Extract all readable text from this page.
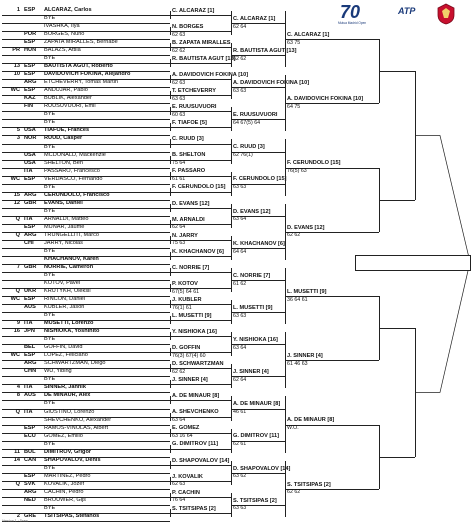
70
Mutua Madrid Open
ATP
1 ESP ALCARAZ, Carlos
BYE
IVASHKA, Ilya
POR BORGES, Nuno
ESP ZAPATA MIRALLES, Bernabe
PR HUN BALAZS, Attila
BYE
13 ESP BAUTISTA AGUT, Roberto
10 ESP DAVIDOVICH FOKINA, Alejandro
ARG ETCHEVERRY, Tomas Martin
WC ESP ANDUJAR, Pablo
KAZ BUBLIK, Alexander
FIN RUUSUVUORI, Emil
BYE
BYE
5 USA TIAFOE, Frances
3 NOR RUUD, Casper
BYE
USA MCDONALD, Mackenzie
USA SHELTON, Ben
ITA PASSARO, Francesco
WC ESP VERDASCO, Fernando
BYE
15 ARG CERUNDOLO, Francisco
12 GBR EVANS, Daniel
BYE
Q ITA ARNALDI, Matteo
ESP MUNAR, Jaume
Q ARG TRUNGELLITI, Marco
CHI JARRY, Nicolas
BYE
KHACHANOV, Karen
7 GBR NORRIE, Cameron
BYE
KOTOV, Pavel
Q UKR KRUTYKH, Oleksii
WC ESP RINCON, Daniel
AUS KUBLER, Jason
BYE
9 ITA MUSETTI, Lorenzo
16 JPN NISHIOKA, Yoshihito
BYE
BEL GOFFIN, David
WC ESP LOPEZ, Feliciano
ARG SCHWARTZMAN, Diego
CHN WU, Yibing
BYE
4 ITA SINNER, Jannik
8 AUS DE MINAUR, Alex
BYE
Q ITA GIUSTINO, Lorenzo
SHEVCHENKO, Alexander
ESP RAMOS-VINOLAS, Albert
ECU GOMEZ, Emilio
BYE
11 BUL DIMITROV, Grigor
14 CAN SHAPOVALOV, Denis
BYE
ESP MARTINEZ, Pedro
Q SVK KOVALIK, Jozef
ARG CACHIN, Pedro
NED BROUWER, Gijs
BYE
2 GRE TSITSIPAS, Stefanos
C. ALCARAZ [1]
N. BORGES
62 63
B. ZAPATA MIRALLES
62 62
R. BAUTISTA AGUT [13]
A. DAVIDOVICH FOKINA [10]
62 63
T. ETCHEVERRY
63 63
E. RUUSUVUORI
60 63
F. TIAFOE [5]
C. RUUD [3]
B. SHELTON
75 64
F. PASSARO
61 61
F. CERUNDOLO [15]
D. EVANS [12]
M. ARNALDI
62 64
N. JARRY
75 63
K. KHACHANOV [6]
C. NORRIE [7]
P. KOTOV
67(5) 64 61
J. KUBLER
76(1) 61
L. MUSETTI [9]
Y. NISHIOKA [16]
D. GOFFIN
76(3) 67(4) 60
D. SCHWARTZMAN
62 62
J. SINNER [4]
A. DE MINAUR [8]
A. SHEVCHENKO
63 64
E. GOMEZ
63 16 64
G. DIMITROV [11]
D. SHAPOVALOV [14]
J. KOVALIK
62 63
P. CACHIN
76 64
S. TSITSIPAS [2]
C. ALCARAZ [1]
62 64
R. BAUTISTA AGUT [13]
62 62
A. DAVIDOVICH FOKINA [10]
63 63
E. RUUSUVUORI
64 67(5) 64
C. RUUD [3]
62 76(1)
F. CERUNDOLO [15]
63 63
D. EVANS [12]
63 64
K. KHACHANOV [6]
64 64
C. NORRIE [7]
61 62
L. MUSETTI [9]
63 63
Y. NISHIOKA [16]
63 64
J. SINNER [4]
62 64
A. DE MINAUR [8]
46 61
G. DIMITROV [11]
62 61
D. SHAPOVALOV [14]
63 62
S. TSITSIPAS [2]
63 63
C. ALCARAZ [1]
63 75
A. DAVIDOVICH FOKINA [10]
64 75
F. CERUNDOLO [15]
76(5) 63
D. EVANS [12]
62 62
L. MUSETTI [9]
36 64 61
J. SINNER [4]
61 46 63
A. DE MINAUR [8]
W.O.
S. TSITSIPAS [2]
62 62
Version 1 · Draw
